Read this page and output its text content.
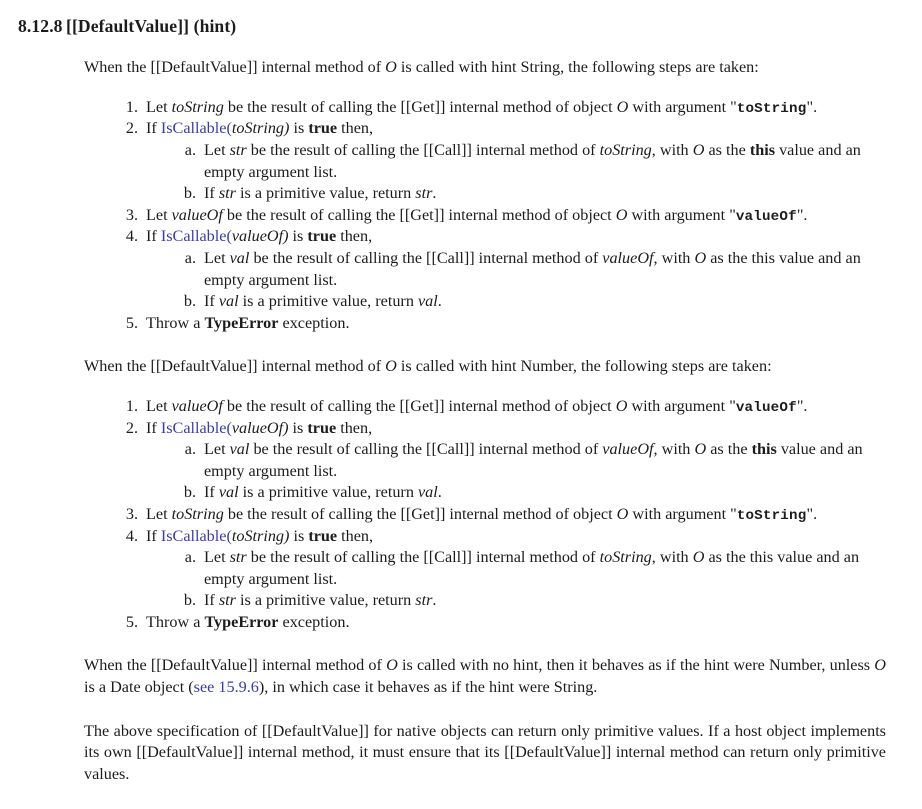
8.12.8 [[DefaultValue]] (hint)

When the [[DefaultValue]] internal method of O is called with hint String, the following steps are taken:

1. Let toString be the result of calling the [[Get]] internal method of object O with argument "toString".
2. If IsCallable(toString) is true then,
a. Let str be the result of calling the [[Call]] internal method of toString, with O as the this value and an empty argument list.
b. If str is a primitive value, return str.
3. Let valueOf be the result of calling the [[Get]] internal method of object O with argument "valueOf".
4. If IsCallable(valueOf) is true then,
a. Let val be the result of calling the [[Call]] internal method of valueOf, with O as the this value and an empty argument list.
b. If val is a primitive value, return val.
5. Throw a TypeError exception.

When the [[DefaultValue]] internal method of O is called with hint Number, the following steps are taken:

1. Let valueOf be the result of calling the [[Get]] internal method of object O with argument "valueOf".
2. If IsCallable(valueOf) is true then,
a. Let val be the result of calling the [[Call]] internal method of valueOf, with O as the this value and an empty argument list.
b. If val is a primitive value, return val.
3. Let toString be the result of calling the [[Get]] internal method of object O with argument "toString".
4. If IsCallable(toString) is true then,
a. Let str be the result of calling the [[Call]] internal method of toString, with O as the this value and an empty argument list.
b. If str is a primitive value, return str.
5. Throw a TypeError exception.

When the [[DefaultValue]] internal method of O is called with no hint, then it behaves as if the hint were Number, unless O is a Date object (see 15.9.6), in which case it behaves as if the hint were String.

The above specification of [[DefaultValue]] for native objects can return only primitive values. If a host object implements its own [[DefaultValue]] internal method, it must ensure that its [[DefaultValue]] internal method can return only primitive values.
